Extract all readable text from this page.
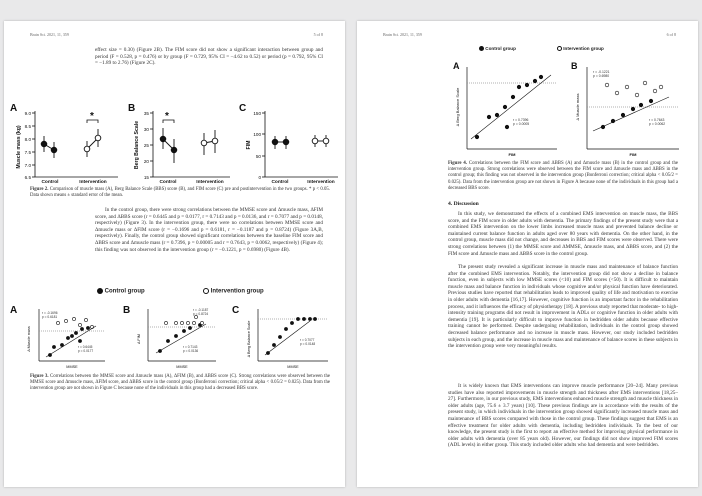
Brain Sci. 2021, 11, 359	5 of 8
effect size = 0.30) (Figure 2B). The FIM score did not show a significant interaction between group and period (F = 0.528, p = 0.476) or by group (F = 0.729, 95% CI = −4.62 to 0.52) or period (p = 0.792, 95% CI = −1.89 to 2.76) (Figure 2C).
A
Muscle mass (kg)
9.0
8.5
8.0
7.5
7.0
6.5
*
Control	Intervention
B
Berg Balance Scale
35
30
25
20
15
*
Control	Intervention
C
FIM
150
100
50
0
Control	Intervention
Figure 2. Comparison of muscle mass (A), Berg Balance Scale (BBS) score (B), and FIM score (C) pre and postintervention in the two groups. * p < 0.05. Data shown means ± standard error of the mean.
In the control group, there were strong correlations between the MMSE score and Δmuscle mass, ΔFIM score, and ΔBBS score (r = 0.6445 and p = 0.0177, r = 0.7143 and p = 0.0136, and r = 0.7077 and p = 0.0148, respectively) (Figure 3). In the intervention group, there were no correlations between MMSE score and Δmuscle mass or ΔFIM score (r = −0.1696 and p = 0.6181, r = −0.1187 and p = 0.8724) (Figure 3A,B, respectively). Finally, the control group showed significant correlations between the baseline FIM score and ΔBBS score and Δmuscle mass (r = 0.7396, p = 0.00005 and r = 0.7643, p = 0.0062, respectively) (Figure 4); this finding was not observed in the intervention group (r = −0.1221, p = 0.6980) (Figure 4B).
Control group	Intervention group
A
Δ Muscle mass
r = -0.1696 p = 0.6181
r = 0.6445 p = 0.0177
MMSE
B
Δ FIM
r = -0.1187 p = 0.8724
r = 0.7143 p = 0.0136
MMSE
C
Δ Berg Balance Scale	r = 0.7077 p = 0.0148
MMSE
Figure 3. Correlations between the MMSE score and Δmuscle mass (A), ΔFIM (B), and ΔBBS score (C). Strong correlations were observed between the MMSE score and Δmuscle mass, ΔFIM score, and ΔBBS score in the control group (Bonferroni correction; critical alpha < 0.05/2 = 0.025). Data from the intervention group are not shown in Figure C because none of the individuals in this group had a decreased BBS score.
Brain Sci. 2021, 11, 359	6 of 8
Control group	Intervention group
A
Δ Berg Balance Scale	r = 0.7396 p = 0.0005
FIM
B
Δ Muscle mass
r = -0.1221 p = 0.6980
r = 0.7643 p = 0.0062
FIM
Figure 4. Correlations between the FIM score and ΔBBS (A) and Δmuscle mass (B) in the control group and the intervention group. Strong correlations were observed between the FIM score and Δmuscle mass and ΔBBS in the control group; this finding was not observed in the intervention group (Bonferroni correction; critical alpha < 0.05/2 = 0.025). Data from the intervention group are not shown in Figure A because none of the individuals in this group had a decreased BBS score.
4. Discussion
In this study, we demonstrated the effects of a combined EMS intervention on muscle mass, the BBS score, and the FIM score in older adults with dementia. The primary findings of the present study were that a combined EMS intervention on the lower limbs increased muscle mass and prevented balance decline or maintained current balance function in adults aged over 80 years with dementia. On the other hand, in the control group, muscle mass did not change, and decreases in BBS and FIM scores were observed. There were strong correlations between (1) the MMSE score and ΔMMSE, Δmuscle mass, and ΔBBS score, and (2) the FIM score and Δmuscle mass and ΔBBS score in the control group.
The present study revealed a significant increase in muscle mass and maintenance of balance function after the combined EMS intervention. Notably, the intervention group did not show a decline in balance function, even in subjects with low MMSE scores (<10) and FIM scores (<50). It is difficult to maintain muscle mass and balance function in individuals whose cognitive and/or physical function have deteriorated. Previous studies have reported that rehabilitation leads to improved quality of life and motivation to exercise in older adults with dementia [16,17]. However, cognitive function is an important factor in the rehabilitation process, and it influences the efficacy of physiotherapy [18]. A previous study reported that moderate- to high-intensity training programs did not result in improvement in ADLs or cognitive function in older adults with dementia [19]. It is particularly difficult to improve function in bedridden older adults because effective training cannot be performed. Despite undergoing rehabilitation, individuals in the control group showed decreased balance performance and no increase in muscle mass. However, our study included bedridden subjects in each group, and the increase in muscle mass and maintenance of balance scores in these subjects in the intervention group were very meaningful results.
It is widely known that EMS interventions can improve muscle performance [20–24]. Many previous studies have also reported improvements in muscle strength and thickness after EMS interventions [18,25–27]. Furthermore, in our previous study, EMS interventions enhanced muscle strength and muscle thickness in older adults (age, 75.6 ± 3.7 years) [10]. These previous findings are in accordance with the results of the present study, in which individuals in the intervention group showed significantly increased muscle mass and maintenance of BBS scores compared with those in the control group. These findings suggest that EMS is an effective treatment for older adults with dementia, including bedridden individuals. To the best of our knowledge, the present study is the first to report an effective method for improving physical performance in older adults with dementia (over 85 years old). However, our findings did not show improved FIM scores (ADL levels) in either group. This study included older adults who had dementia and were bedridden.
